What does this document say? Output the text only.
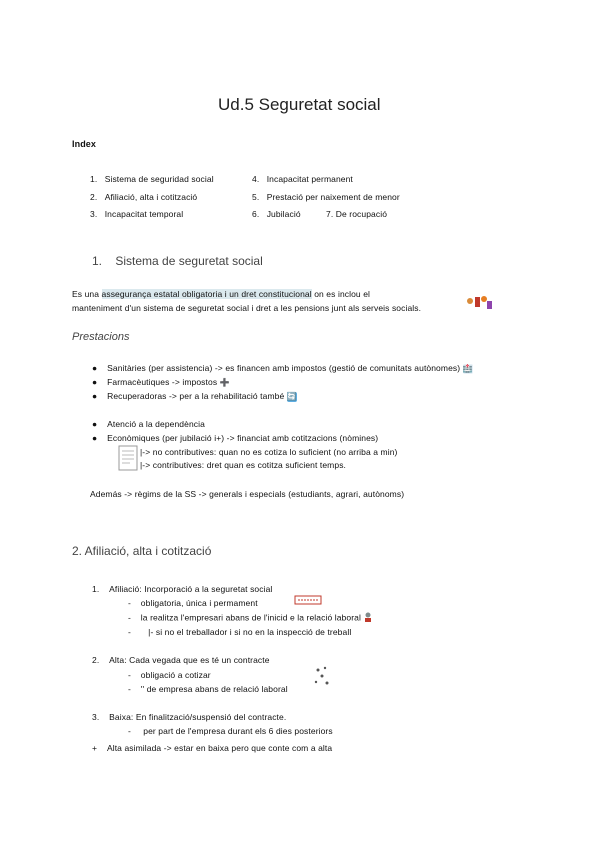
Ud.5 Seguretat social
Index
1. Sistema de seguridad social
2. Afiliació, alta i cotització
3. Incapacitat temporal
4. Incapacitat permanent
5. Prestació per naixement de menor
6. Jubilació	7. De rocupació
1. Sistema de seguretat social
Es una assegurança estatal obligatoria i un dret constitucional on es inclou el
manteniment d'un sistema de seguretat social i dret a les pensions junt als serveis socials.
Prestacions
● Sanitàries (per assistencia) -> es financen amb impostos (gestió de comunitats autònomes) 🏥
● Farmacèutiques -> impostos ➕
● Recuperadoras -> per a la rehabilitació també 🔄
● Atenció a la dependència
● Econòmiques (per jubilació i+) -> financiat amb cotitzacions (nòmines)
|-> no contributives: quan no es cotiza lo suficient (no arriba a min)
|-> contributives: dret quan es cotitza suficient temps.
Además -> règims de la SS -> generals i especials (estudiants, agrari, autònoms)
2. Afiliació, alta i cotització
1. Afiliació: Incorporació a la seguretat social
- obligatoria, única i permament
- la realitza l'empresari abans de l'inicid e la relació laboral
- |- si no el treballador i si no en la inspecció de treball
2. Alta: Cada vegada que es té un contracte
- obligació a cotizar
- '' de empresa abans de relació laboral
3. Baixa: En finalització/suspensió del contracte.
- per part de l'empresa durant els 6 dies posteriors
+ Alta asimilada -> estar en baixa pero que conte com a alta
